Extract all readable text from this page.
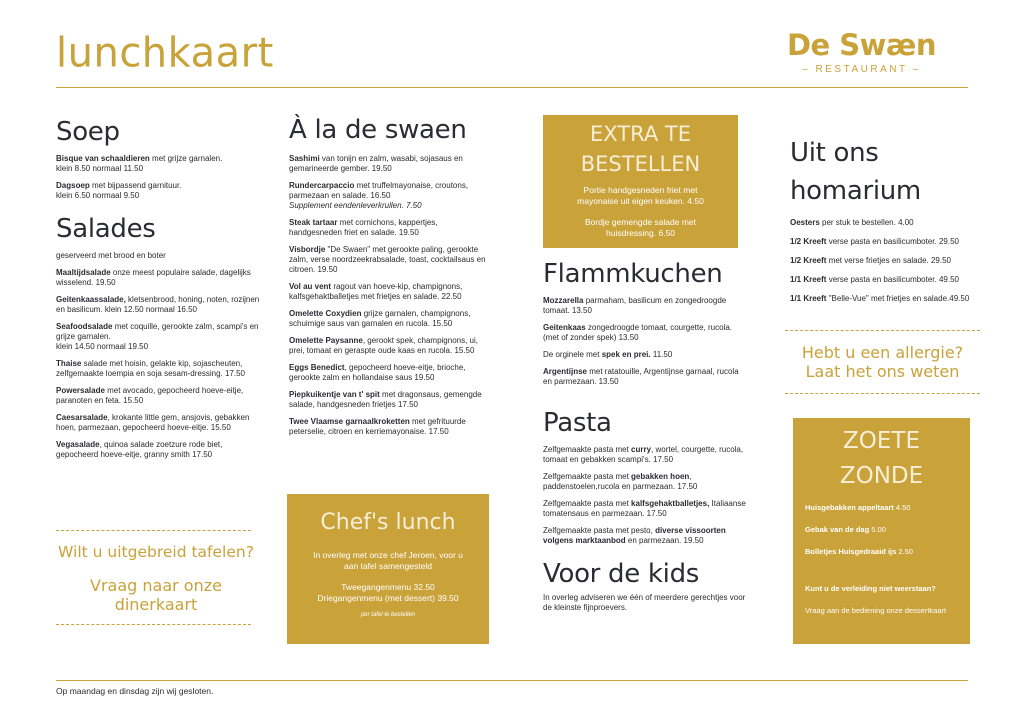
lunchkaart	De Swæn
– RESTAURANT –
Soep
Bisque van schaaldieren met grijze garnalen.
klein 8.50 normaal 11.50
Dagsoep met bijpassend garnituur.
klein 6.50 normaal 9.50
Salades
geserveerd met brood en boter
Maaltijdsalade onze meest populaire salade, dagelijks wisselend. 19.50
Geitenkaassalade, kletsenbrood, honing, noten, rozijnen en basilicum. klein 12.50 normaal 16.50
Seafoodsalade met coquille, gerookte zalm, scampi's en grijze garnalen.
klein 14.50 normaal 19.50
Thaise salade met hoisin, gelakte kip, sojascheuten, zelfgemaakte loempia en soja sesam-dressing. 17.50
Powersalade met avocado, gepocheerd hoeve-eitje, paranoten en feta. 15.50
Caesarsalade, krokante little gem, ansjovis, gebakken hoen, parmezaan, gepocheerd hoeve-eitje. 15.50
Vegasalade, quinoa salade zoetzure rode biet, gepocheerd hoeve-eitje, granny smith 17.50
Wilt u uitgebreid tafelen?
Vraag naar onze dinerkaart
À la de swaen
Sashimi van tonijn en zalm, wasabi, sojasaus en gemarineerde gember. 19.50
Rundercarpaccio met truffelmayonaise, croutons, parmezaan en salade. 16.50
Supplement eendenleverkrullen. 7.50
Steak tartaar met cornichons, kappertjes, handgesneden friet en salade. 19.50
Visbordje "De Swaen" met gerookte paling, gerookte zalm, verse noordzeekrabsalade, toast, cocktailsaus en citroen. 19.50
Vol au vent ragout van hoeve-kip, champignons, kalfsgehaktballetjes met frietjes en salade. 22.50
Omelette Coxydien grijze garnalen, champignons, schuimige saus van garnalen en rucola. 15.50
Omelette Paysanne, gerookt spek, champignons, ui, prei, tomaat en geraspte oude kaas en rucola. 15.50
Eggs Benedict, gepocheerd hoeve-eitje, brioche, gerookte zalm en hollandaise saus 19.50
Piepkuikentje van t' spit met dragonsaus, gemengde salade, handgesneden frietjes 17.50
Twee Vlaamse garnaalkroketten met gefrituurde peterselie, citroen en kerriemayonaise. 17.50
Chef's lunch
In overleg met onze chef Jeroen, voor u aan tafel samengesteld
Tweegangenmenu 32.50
Driegangenmenu (met dessert) 39.50
per tafel te bestellen
EXTRA TE BESTELLEN
Portie handgesneden friet met mayonaise uit eigen keuken. 4.50
Bordje gemengde salade met huisdressing. 6.50
Flammkuchen
Mozzarella parmaham, basilicum en zongedroogde tomaat. 13.50
Geitenkaas zongedroogde tomaat, courgette, rucola. (met of zonder spek) 13.50
De orginele met spek en prei. 11.50
Argentijnse met ratatouille, Argentijnse garnaal, rucola en parmezaan. 13.50
Pasta
Zelfgemaakte pasta met curry, wortel, courgette, rucola, tomaat en gebakken scampi's. 17.50
Zelfgemaakte pasta met gebakken hoen, paddenstoelen,rucola en parmezaan. 17.50
Zelfgemaakte pasta met kalfsgehaktballetjes, Italiaanse tomatensaus en parmezaan. 17.50
Zelfgemaakte pasta met pesto, diverse vissoorten volgens marktaanbod en parmezaan. 19.50
Voor de kids
In overleg adviseren we één of meerdere gerechtjes voor de kleinste fijnproevers.
Uit ons homarium
Oesters per stuk te bestellen. 4.00
1/2 Kreeft verse pasta en basilicumboter. 29.50
1/2 Kreeft met verse frietjes en salade. 29.50
1/1 Kreeft verse pasta en basilicumboter. 49.50
1/1 Kreeft "Belle-Vue" met frietjes en salade.49.50
Hebt u een allergie?
Laat het ons weten
ZOETE ZONDE
Huisgebakken appeltaart 4.50
Gebak van de dag 5.00
Bolletjes Huisgedraaid ijs 2.50
Kunt u de verleiding niet weerstaan?
Vraag aan de bediening onze dessertkaart
Op maandag en dinsdag zijn wij gesloten.
